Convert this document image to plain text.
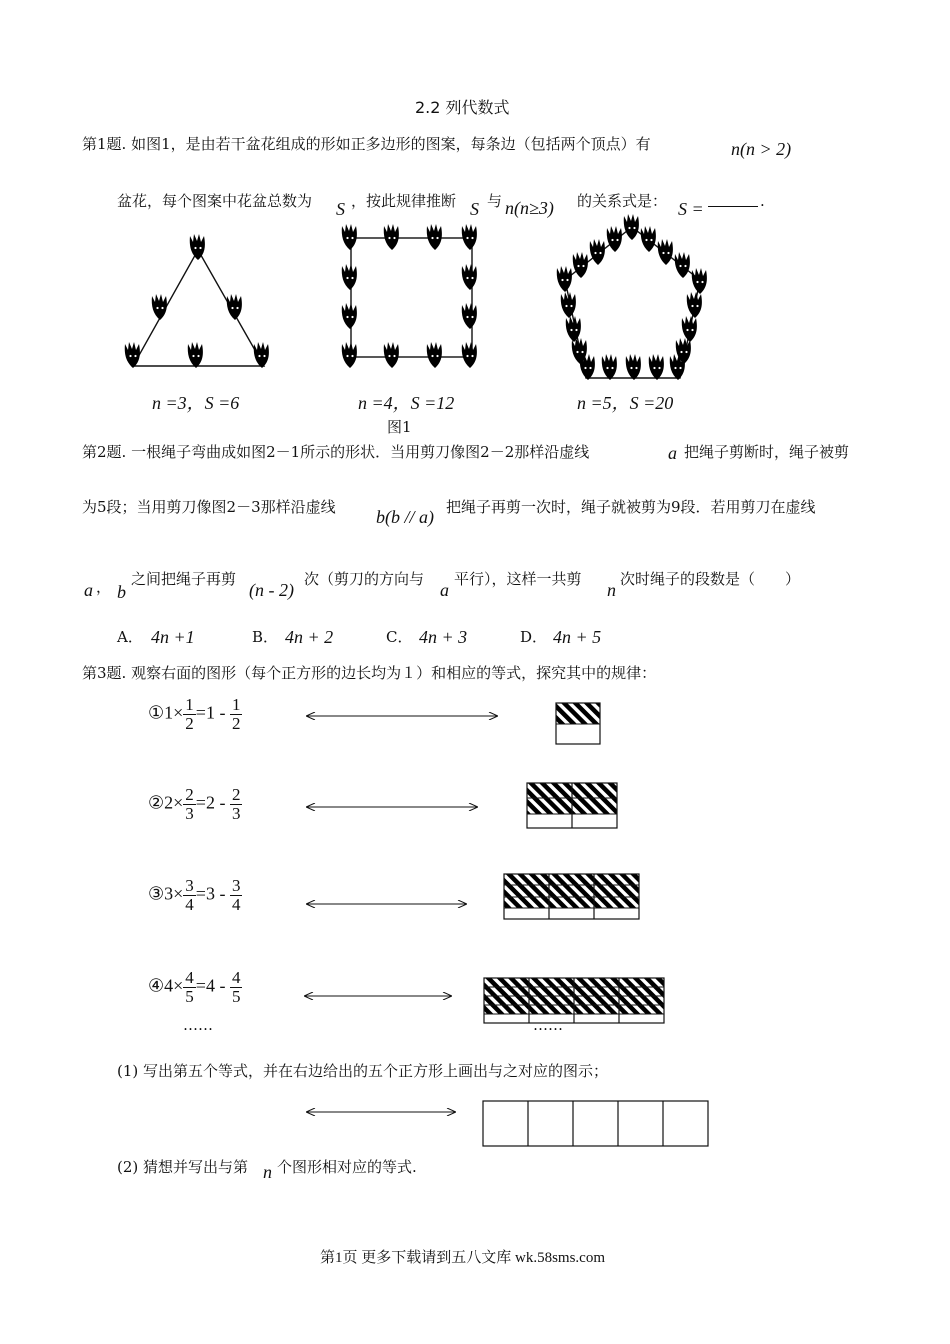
2.2 列代数式
第1题. 如图1，是由若干盆花组成的形如正多边形的图案，每条边（包括两个顶点）有	n(n > 2)
盆花，每个图案中花盆总数为 S ，按此规律推断 S 与 n(n≥3) 的关系式是： S =	.
n =3，S =6	n =4，S =12	n =5，S =20
图1
第2题. 一根绳子弯曲成如图2－1所示的形状．当用剪刀像图2－2那样沿虚线	a 把绳子剪断时，绳子被剪
为5段；当用剪刀像图2－3那样沿虚线 b(b // a) 把绳子再剪一次时，绳子就被剪为9段．若用剪刀在虚线
a ， b
之间把绳子再剪
(n - 2)
次（剪刀的方向与
a
平行），这样一共剪
n
次时绳子的段数是（　　）
A． 4n +1	B． 4n + 2	C． 4n + 3	D． 4n + 5
第3题. 观察右面的图形（每个正方形的边长均为１）和相应的等式，探究其中的规律：
①1× $\frac{1}{2} =1 - \frac{1}{2}$
②2× $\frac{2}{3} =2 - \frac{2}{3}$
③3× $\frac{3}{4} =3 - \frac{3}{4}$
④4× $\frac{4}{5} =4 - \frac{4}{5}$
……	……
(1) 写出第五个等式，并在右边给出的五个正方形上画出与之对应的图示；
(2) 猜想并写出与第 n 个图形相对应的等式.
第1页 更多下载请到五八文库 wk.58sms.com
